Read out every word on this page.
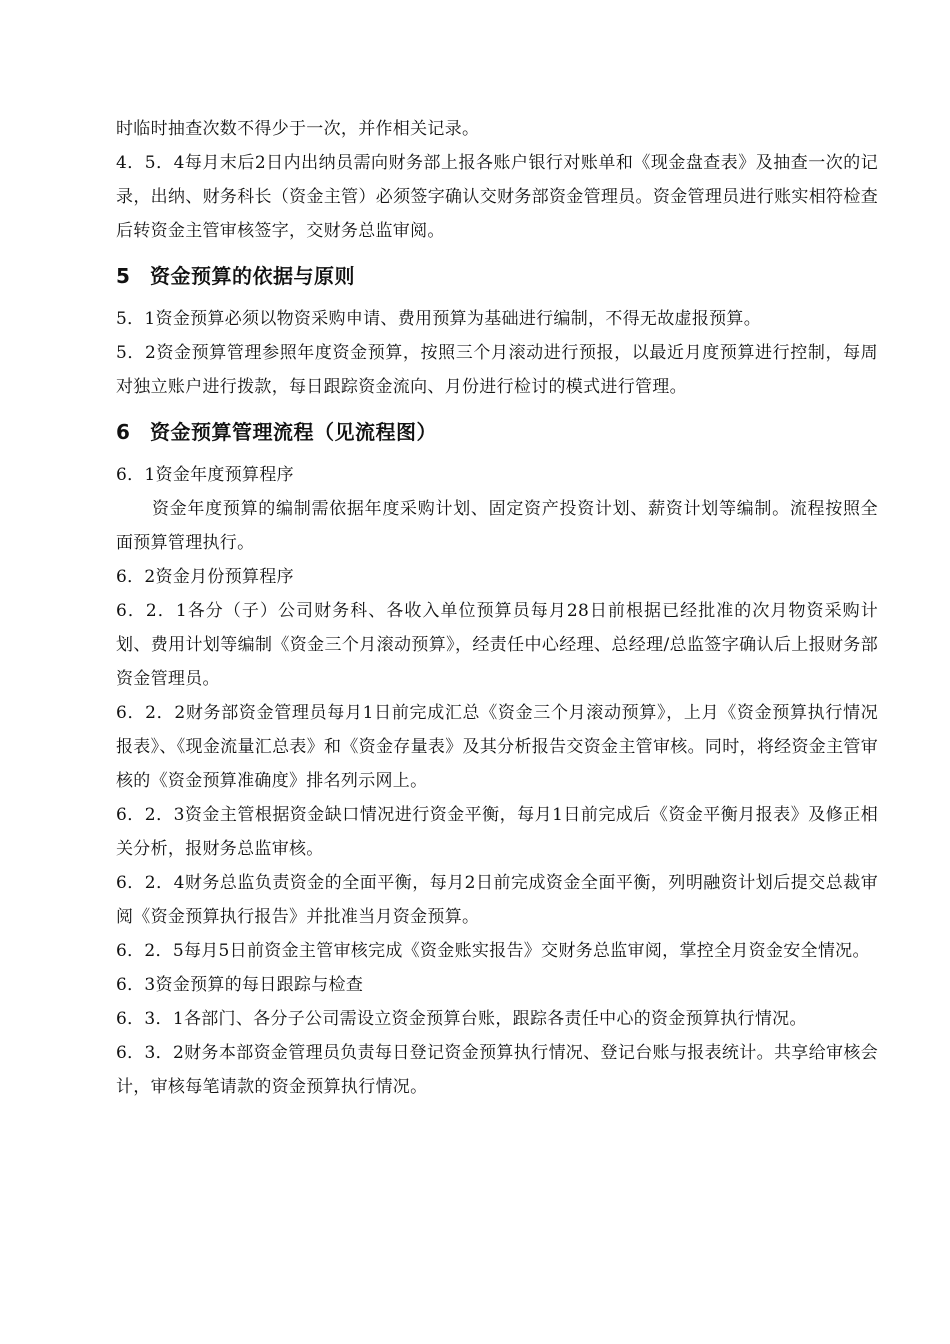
时临时抽查次数不得少于一次，并作相关记录。

4．5．4每月末后2日内出纳员需向财务部上报各账户银行对账单和《现金盘查表》及抽查一次的记录，出纳、财务科长（资金主管）必须签字确认交财务部资金管理员。资金管理员进行账实相符检查后转资金主管审核签字，交财务总监审阅。

5 资金预算的依据与原则

5．1资金预算必须以物资采购申请、费用预算为基础进行编制，不得无故虚报预算。

5．2资金预算管理参照年度资金预算，按照三个月滚动进行预报，以最近月度预算进行控制，每周对独立账户进行拨款，每日跟踪资金流向、月份进行检讨的模式进行管理。

6 资金预算管理流程（见流程图）

6．1资金年度预算程序

资金年度预算的编制需依据年度采购计划、固定资产投资计划、薪资计划等编制。流程按照全面预算管理执行。

6．2资金月份预算程序

6．2．1各分（子）公司财务科、各收入单位预算员每月28日前根据已经批准的次月物资采购计划、费用计划等编制《资金三个月滚动预算》，经责任中心经理、总经理/总监签字确认后上报财务部资金管理员。

6．2．2财务部资金管理员每月1日前完成汇总《资金三个月滚动预算》，上月《资金预算执行情况报表》、《现金流量汇总表》和《资金存量表》及其分析报告交资金主管审核。同时，将经资金主管审核的《资金预算准确度》排名列示网上。

6．2．3资金主管根据资金缺口情况进行资金平衡，每月1日前完成后《资金平衡月报表》及修正相关分析，报财务总监审核。

6．2．4财务总监负责资金的全面平衡，每月2日前完成资金全面平衡，列明融资计划后提交总裁审阅《资金预算执行报告》并批准当月资金预算。

6．2．5每月5日前资金主管审核完成《资金账实报告》交财务总监审阅，掌控全月资金安全情况。

6．3资金预算的每日跟踪与检查

6．3．1各部门、各分子公司需设立资金预算台账，跟踪各责任中心的资金预算执行情况。

6．3．2财务本部资金管理员负责每日登记资金预算执行情况、登记台账与报表统计。共享给审核会计，审核每笔请款的资金预算执行情况。
